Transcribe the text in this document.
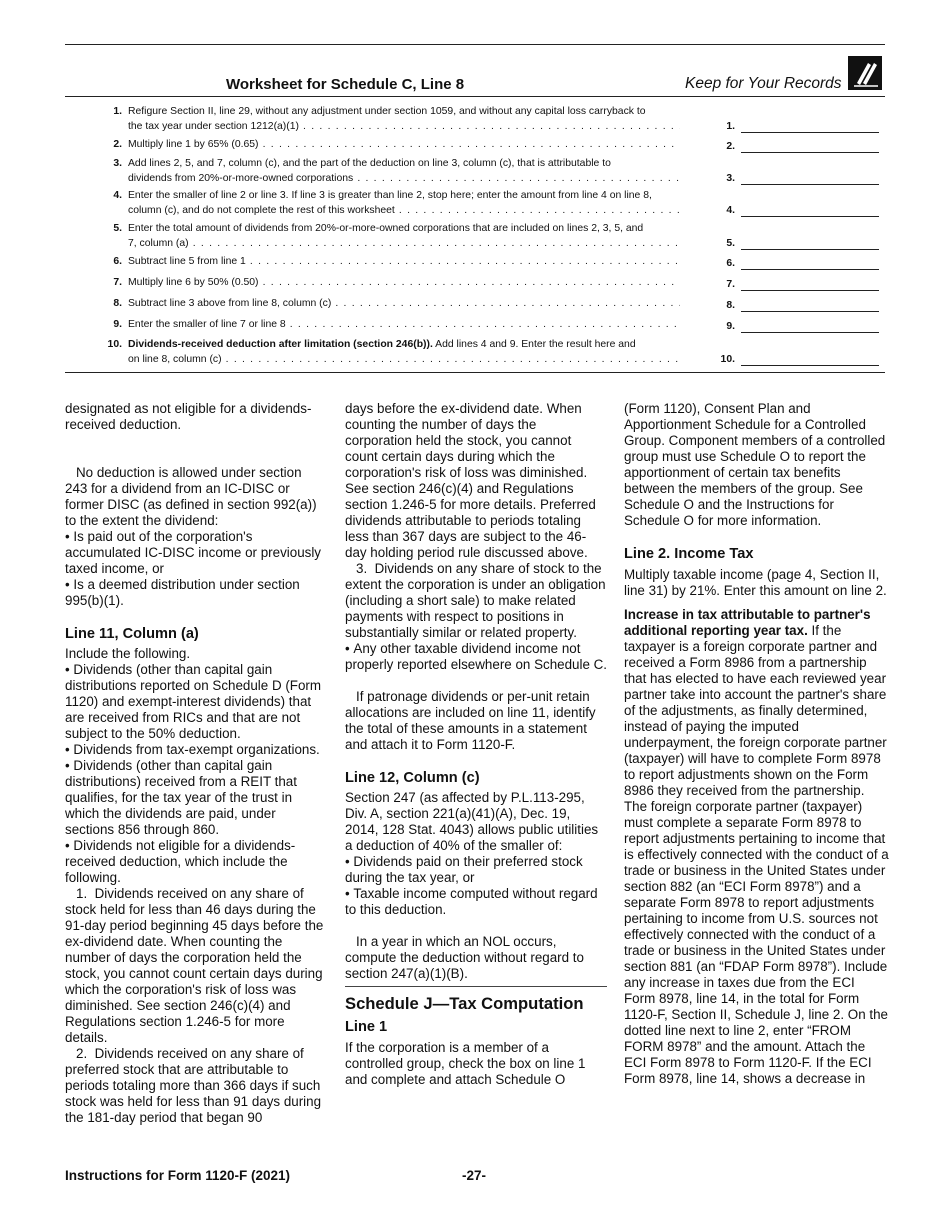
Worksheet for Schedule C, Line 8	Keep for Your Records
1. Refigure Section II, line 29, without any adjustment under section 1059, and without any capital loss carryback to
the tax year under section 1212(a)(1) . . .	1.
2. Multiply line 1 by 65% (0.65) . . .	2.
3. Add lines 2, 5, and 7, column (c), and the part of the deduction on line 3, column (c), that is attributable to
dividends from 20%-or-more-owned corporations . . .	3.
4. Enter the smaller of line 2 or line 3. If line 3 is greater than line 2, stop here; enter the amount from line 4 on line 8,
column (c), and do not complete the rest of this worksheet . . .	4.
5. Enter the total amount of dividends from 20%-or-more-owned corporations that are included on lines 2, 3, 5, and
7, column (a) . . .	5.
6. Subtract line 5 from line 1 . . .	6.
7. Multiply line 6 by 50% (0.50) . . .	7.
8. Subtract line 3 above from line 8, column (c) . . .	8.
9. Enter the smaller of line 7 or line 8 . . .	9.
10. Dividends-received deduction after limitation (section 246(b)). Add lines 4 and 9. Enter the result here and
on line 8, column (c) . . .	10.

designated as not eligible for a dividends-received deduction.

No deduction is allowed under section 243 for a dividend from an IC-DISC or former DISC (as defined in section 992(a)) to the extent the dividend:

• Is paid out of the corporation's accumulated IC-DISC income or previously taxed income, or

• Is a deemed distribution under section 995(b)(1).

Line 11, Column (a)

Include the following.

• Dividends (other than capital gain distributions reported on Schedule D (Form 1120) and exempt-interest dividends) that are received from RICs and that are not subject to the 50% deduction.

• Dividends from tax-exempt organizations.

• Dividends (other than capital gain distributions) received from a REIT that qualifies, for the tax year of the trust in which the dividends are paid, under sections 856 through 860.

• Dividends not eligible for a dividends-received deduction, which include the following.

1.  Dividends received on any share of stock held for less than 46 days during the 91-day period beginning 45 days before the ex-dividend date. When counting the number of days the corporation held the stock, you cannot count certain days during which the corporation's risk of loss was diminished. See section 246(c)(4) and Regulations section 1.246-5 for more details.

2.  Dividends received on any share of preferred stock that are attributable to periods totaling more than 366 days if such stock was held for less than 91 days during the 181-day period that began 90

days before the ex-dividend date. When counting the number of days the corporation held the stock, you cannot count certain days during which the corporation's risk of loss was diminished. See section 246(c)(4) and Regulations section 1.246-5 for more details. Preferred dividends attributable to periods totaling less than 367 days are subject to the 46-day holding period rule discussed above.

3.  Dividends on any share of stock to the extent the corporation is under an obligation (including a short sale) to make related payments with respect to positions in substantially similar or related property.

• Any other taxable dividend income not properly reported elsewhere on Schedule C.

If patronage dividends or per-unit retain allocations are included on line 11, identify the total of these amounts in a statement and attach it to Form 1120-F.

Line 12, Column (c)

Section 247 (as affected by P.L.113-295, Div. A, section 221(a)(41)(A), Dec. 19, 2014, 128 Stat. 4043) allows public utilities a deduction of 40% of the smaller of:

• Dividends paid on their preferred stock during the tax year, or

• Taxable income computed without regard to this deduction.

In a year in which an NOL occurs, compute the deduction without regard to section 247(a)(1)(B).

Schedule J—Tax Computation
Line 1

If the corporation is a member of a controlled group, check the box on line 1 and complete and attach Schedule O

(Form 1120), Consent Plan and Apportionment Schedule for a Controlled Group. Component members of a controlled group must use Schedule O to report the apportionment of certain tax benefits between the members of the group. See Schedule O and the Instructions for Schedule O for more information.

Line 2. Income Tax

Multiply taxable income (page 4, Section II, line 31) by 21%. Enter this amount on line 2.

Increase in tax attributable to partner's additional reporting year tax. If the taxpayer is a foreign corporate partner and received a Form 8986 from a partnership that has elected to have each reviewed year partner take into account the partner's share of the adjustments, as finally determined, instead of paying the imputed underpayment, the foreign corporate partner (taxpayer) will have to complete Form 8978 to report adjustments shown on the Form 8986 they received from the partnership. The foreign corporate partner (taxpayer) must complete a separate Form 8978 to report adjustments pertaining to income that is effectively connected with the conduct of a trade or business in the United States under section 882 (an “ECI Form 8978”) and a separate Form 8978 to report adjustments pertaining to income from U.S. sources not effectively connected with the conduct of a trade or business in the United States under section 881 (an “FDAP Form 8978”). Include any increase in taxes due from the ECI Form 8978, line 14, in the total for Form 1120-F, Section II, Schedule J, line 2. On the dotted line next to line 2, enter “FROM FORM 8978” and the amount. Attach the ECI Form 8978 to Form 1120-F. If the ECI Form 8978, line 14, shows a decrease in

Instructions for Form 1120-F (2021)	-27-
